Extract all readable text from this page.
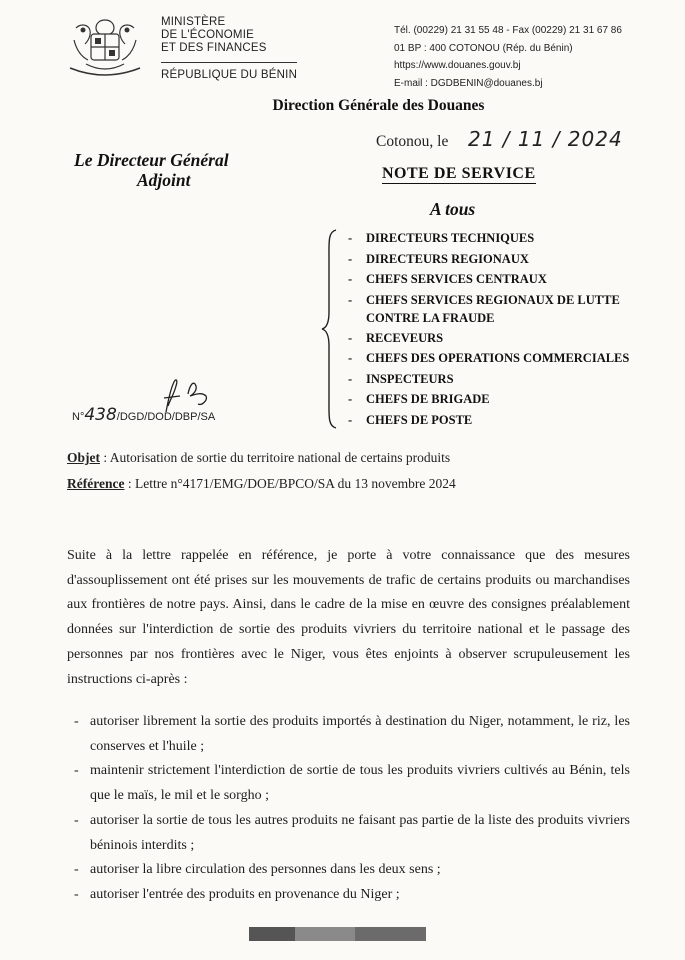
MINISTÈRE
DE L'ÉCONOMIE
ET DES FINANCES
RÉPUBLIQUE DU BÉNIN
Tél. (00229) 21 31 55 48 - Fax (00229) 21 31 67 86
01 BP : 400 COTONOU (Rép. du Bénin)
https://www.douanes.gouv.bj
E-mail : DGDBENIN@douanes.bj
Direction Générale des Douanes
Cotonou, le 21 / 11 / 2024
Le Directeur Général
Adjoint	NOTE DE SERVICE
A tous
- DIRECTEURS TECHNIQUES
- DIRECTEURS REGIONAUX
- CHEFS SERVICES CENTRAUX
- CHEFS SERVICES REGIONAUX DE LUTTE
CONTRE LA FRAUDE
- RECEVEURS
- CHEFS DES OPERATIONS COMMERCIALES
- INSPECTEURS
- CHEFS DE BRIGADE
- CHEFS DE POSTE
N°438/DGD/DOD/DBP/SA
Objet : Autorisation de sortie du territoire national de certains produits
Référence : Lettre n°4171/EMG/DOE/BPCO/SA du 13 novembre 2024

Suite à la lettre rappelée en référence, je porte à votre connaissance que des mesures d'assouplissement ont été prises sur les mouvements de trafic de certains produits ou marchandises aux frontières de notre pays. Ainsi, dans le cadre de la mise en œuvre des consignes préalablement données sur l'interdiction de sortie des produits vivriers du territoire national et le passage des personnes par nos frontières avec le Niger, vous êtes enjoints à observer scrupuleusement les instructions ci-après :

- autoriser librement la sortie des produits importés à destination du Niger, notamment, le riz, les conserves et l'huile ;
- maintenir strictement l'interdiction de sortie de tous les produits vivriers cultivés au Bénin, tels que le maïs, le mil et le sorgho ;
- autoriser la sortie de tous les autres produits ne faisant pas partie de la liste des produits vivriers béninois interdits ;
- autoriser la libre circulation des personnes dans les deux sens ;
- autoriser l'entrée des produits en provenance du Niger ;
